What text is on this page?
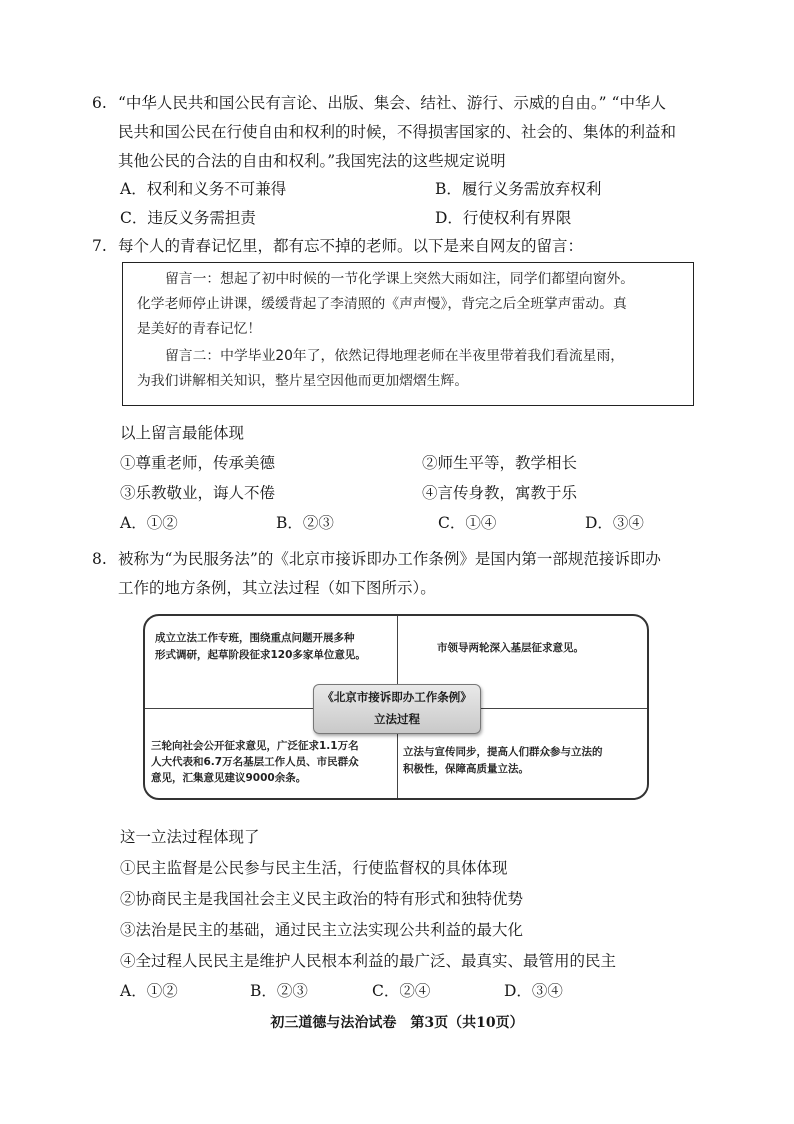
6. “中华人民共和国公民有言论、出版、集会、结社、游行、示威的自由。” “中华人
民共和国公民在行使自由和权利的时候，不得损害国家的、社会的、集体的利益和
其他公民的合法的自由和权利。”我国宪法的这些规定说明
A．权利和义务不可兼得	B．履行义务需放弃权利
C．违反义务需担责	D．行使权利有界限
7. 每个人的青春记忆里，都有忘不掉的老师。以下是来自网友的留言：
留言一：想起了初中时候的一节化学课上突然大雨如注，同学们都望向窗外。
化学老师停止讲课，缓缓背起了李清照的《声声慢》，背完之后全班掌声雷动。真
是美好的青春记忆！
留言二：中学毕业20年了，依然记得地理老师在半夜里带着我们看流星雨，
为我们讲解相关知识，整片星空因他而更加熠熠生辉。
以上留言最能体现
①尊重老师，传承美德	②师生平等，教学相长
③乐教敬业，诲人不倦	④言传身教，寓教于乐
A．①②	B．②③	C．①④	D．③④
8. 被称为“为民服务法”的《北京市接诉即办工作条例》是国内第一部规范接诉即办
工作的地方条例，其立法过程（如下图所示）。
成立立法工作专班，围绕重点问题开展多种
形式调研，起草阶段征求120多家单位意见。
市领导两轮深入基层征求意见。
三轮向社会公开征求意见，广泛征求1.1万名
人大代表和6.7万名基层工作人员、市民群众
意见，汇集意见建议9000余条。
立法与宣传同步，提高人们群众参与立法的
积极性，保障高质量立法。
《北京市接诉即办工作条例》
立法过程
这一立法过程体现了
①民主监督是公民参与民主生活，行使监督权的具体体现
②协商民主是我国社会主义民主政治的特有形式和独特优势
③法治是民主的基础，通过民主立法实现公共利益的最大化
④全过程人民民主是维护人民根本利益的最广泛、最真实、最管用的民主
A．①②	B．②③	C．②④	D．③④
初三道德与法治试卷　第3页（共10页）
